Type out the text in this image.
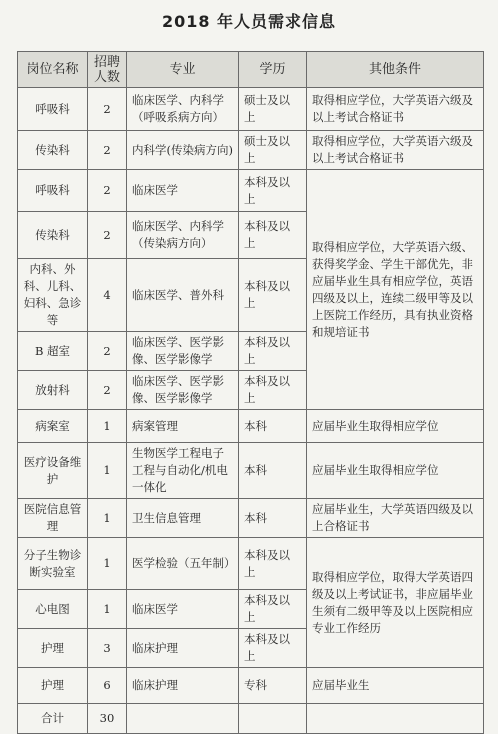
2018 年人员需求信息
岗位名称	招聘人数	专业	学历	其他条件
呼吸科	2	临床医学、内科学（呼吸系病方向）	硕士及以上	取得相应学位，大学英语六级及以上考试合格证书
传染科	2	内科学(传染病方向)	硕士及以上	取得相应学位，大学英语六级及以上考试合格证书
呼吸科	2	临床医学	本科及以上	取得相应学位，大学英语六级、获得奖学金、学生干部优先，非应届毕业生具有相应学位，英语四级及以上，连续二级甲等及以上医院工作经历，具有执业资格和规培证书
传染科	2	临床医学、内科学（传染病方向）	本科及以上	
内科、外科、儿科、妇科、急诊等	4	临床医学、普外科	本科及以上	
B 超室	2	临床医学、医学影像、医学影像学	本科及以上	
放射科	2	临床医学、医学影像、医学影像学	本科及以上	
病案室	1	病案管理	本科	应届毕业生取得相应学位
医疗设备维护	1	生物医学工程电子工程与自动化/机电一体化	本科	应届毕业生取得相应学位
医院信息管理	1	卫生信息管理	本科	应届毕业生，大学英语四级及以上合格证书
分子生物诊断实验室	1	医学检验（五年制）	本科及以上	取得相应学位，取得大学英语四级及以上考试证书，非应届毕业生须有二级甲等及以上医院相应专业工作经历
心电图	1	临床医学	本科及以上	
护理	3	临床护理	本科及以上	
护理	6	临床护理	专科	应届毕业生
合计	30			
